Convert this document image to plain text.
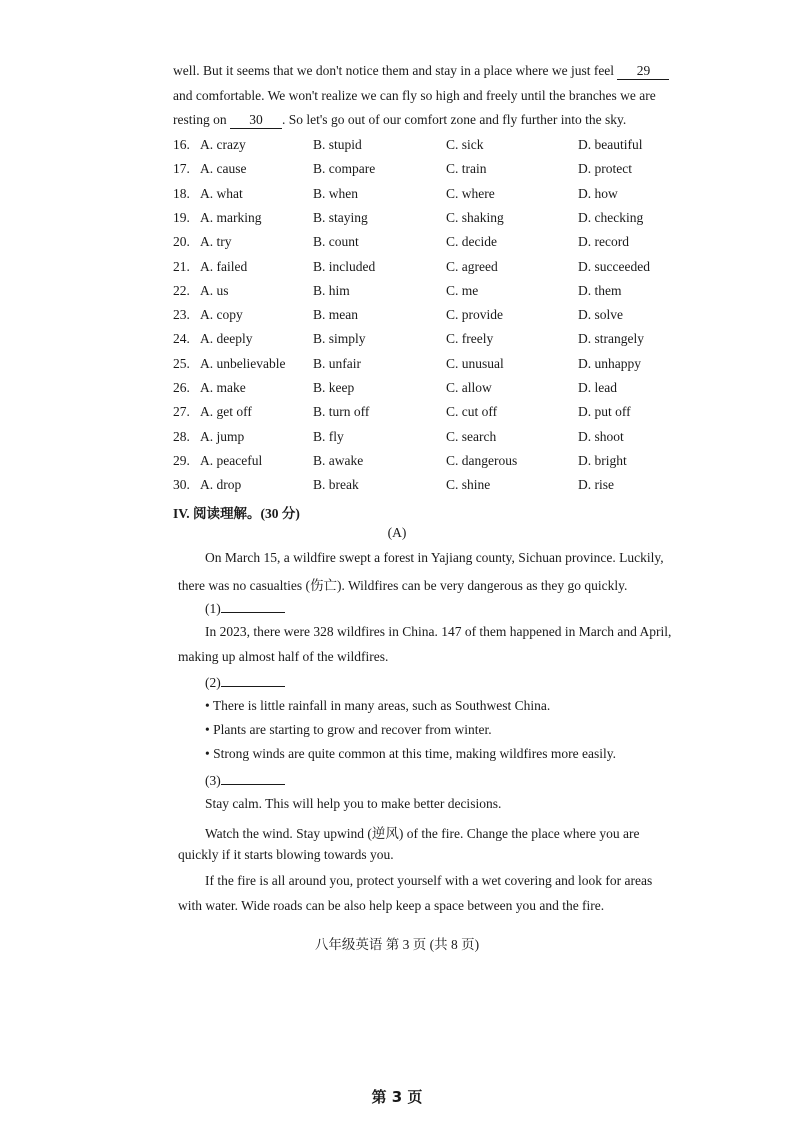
well. But it seems that we don't notice them and stay in a place where we just feel 29
and comfortable. We won't realize we can fly so high and freely until the branches we are
resting on 30 . So let's go out of our comfort zone and fly further into the sky.
16. A. crazy	B. stupid	C. sick	D. beautiful
17. A. cause	B. compare	C. train	D. protect
18. A. what	B. when	C. where	D. how
19. A. marking	B. staying	C. shaking	D. checking
20. A. try	B. count	C. decide	D. record
21. A. failed	B. included	C. agreed	D. succeeded
22. A. us	B. him	C. me	D. them
23. A. copy	B. mean	C. provide	D. solve
24. A. deeply	B. simply	C. freely	D. strangely
25. A. unbelievable B. unfair	C. unusual	D. unhappy
26. A. make	B. keep	C. allow	D. lead
27. A. get off	B. turn off	C. cut off	D. put off
28. A. jump	B. fly	C. search	D. shoot
29. A. peaceful	B. awake	C. dangerous	D. bright
30. A. drop	B. break	C. shine	D. rise
IV. 阅读理解。(30 分)
(A)
On March 15, a wildfire swept a forest in Yajiang county, Sichuan province. Luckily,
there was no casualties (伤亡). Wildfires can be very dangerous as they go quickly.
(1)
In 2023, there were 328 wildfires in China. 147 of them happened in March and April,
making up almost half of the wildfires.
(2)
• There is little rainfall in many areas, such as Southwest China.
• Plants are starting to grow and recover from winter.
• Strong winds are quite common at this time, making wildfires more easily.
(3)
Stay calm. This will help you to make better decisions.
Watch the wind. Stay upwind (逆风) of the fire. Change the place where you are
quickly if it starts blowing towards you.
If the fire is all around you, protect yourself with a wet covering and look for areas
with water. Wide roads can be also help keep a space between you and the fire.
八年级英语 第 3 页 (共 8 页)
第 3 页
